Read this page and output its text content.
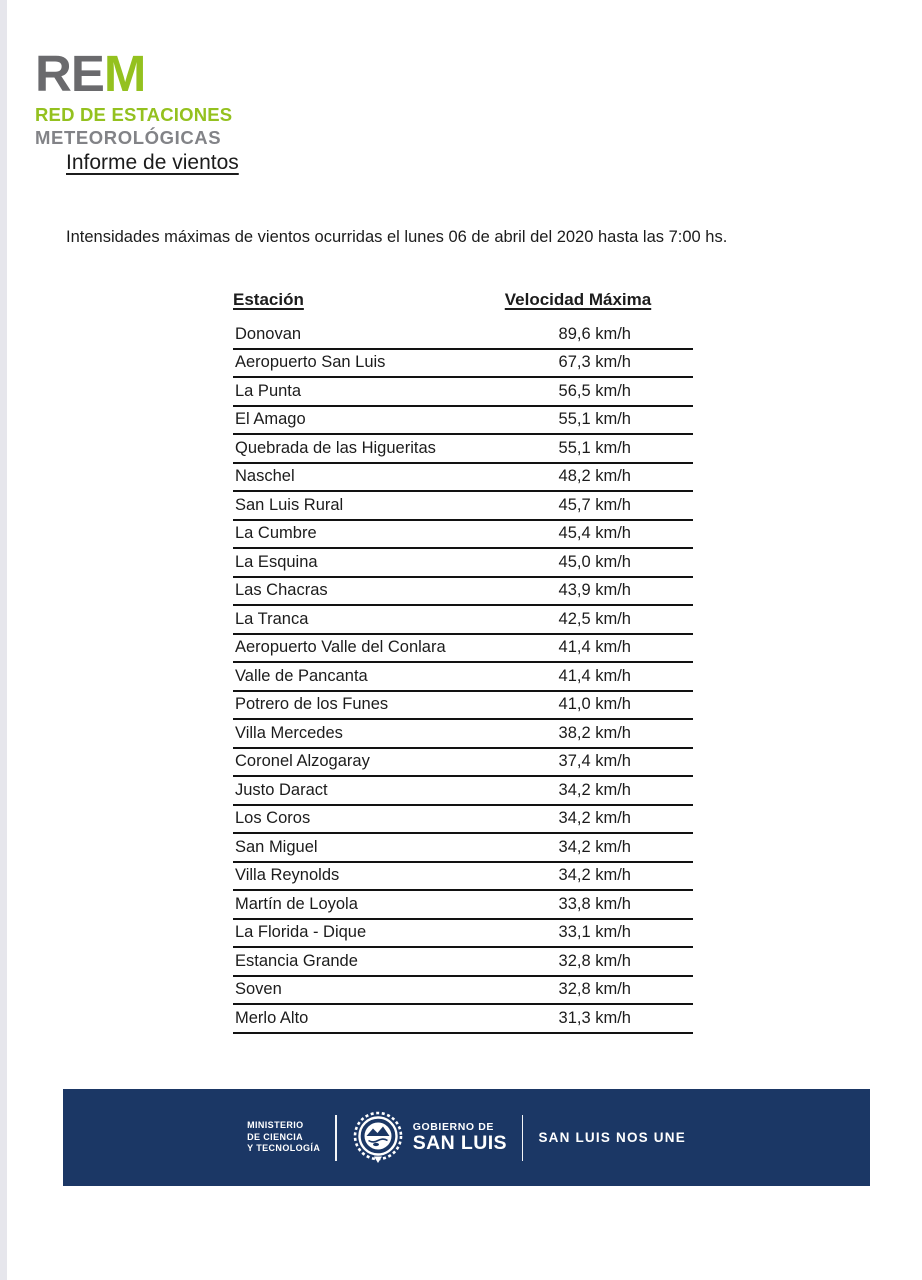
REM
RED DE ESTACIONES
METEOROLÓGICAS
Informe de vientos
Intensidades máximas de vientos ocurridas el lunes 06 de abril del 2020 hasta las 7:00 hs.
Estación	Velocidad Máxima
Donovan	89,6 km/h
Aeropuerto San Luis	67,3 km/h
La Punta	56,5 km/h
El Amago	55,1 km/h
Quebrada de las Higueritas	55,1 km/h
Naschel	48,2 km/h
San Luis Rural	45,7 km/h
La Cumbre	45,4 km/h
La Esquina	45,0 km/h
Las Chacras	43,9 km/h
La Tranca	42,5 km/h
Aeropuerto Valle del Conlara	41,4 km/h
Valle de Pancanta	41,4 km/h
Potrero de los Funes	41,0 km/h
Villa Mercedes	38,2 km/h
Coronel Alzogaray	37,4 km/h
Justo Daract	34,2 km/h
Los Coros	34,2 km/h
San Miguel	34,2 km/h
Villa Reynolds	34,2 km/h
Martín de Loyola	33,8 km/h
La Florida - Dique	33,1 km/h
Estancia Grande	32,8 km/h
Soven	32,8 km/h
Merlo Alto	31,3 km/h
MINISTERIO
DE CIENCIA
Y TECNOLOGÍA
GOBIERNO DE
SAN LUIS SAN LUIS NOS UNE
